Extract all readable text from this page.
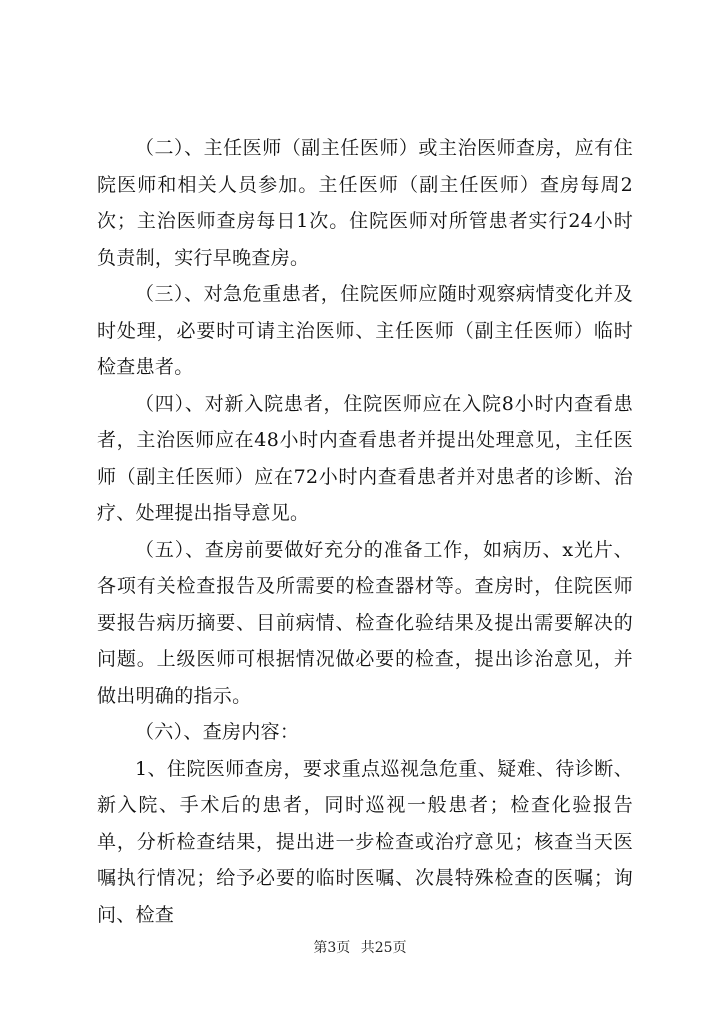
（二）、主任医师（副主任医师）或主治医师查房，应有住院医师和相关人员参加。主任医师（副主任医师）查房每周2次；主治医师查房每日1次。住院医师对所管患者实行24小时负责制，实行早晚查房。

（三）、对急危重患者，住院医师应随时观察病情变化并及时处理，必要时可请主治医师、主任医师（副主任医师）临时检查患者。

（四）、对新入院患者，住院医师应在入院8小时内查看患者，主治医师应在48小时内查看患者并提出处理意见，主任医师（副主任医师）应在72小时内查看患者并对患者的诊断、治疗、处理提出指导意见。

（五）、查房前要做好充分的准备工作，如病历、x光片、各项有关检查报告及所需要的检查器材等。查房时，住院医师要报告病历摘要、目前病情、检查化验结果及提出需要解决的问题。上级医师可根据情况做必要的检查，提出诊治意见，并做出明确的指示。

（六）、查房内容：

1、住院医师查房，要求重点巡视急危重、疑难、待诊断、新入院、手术后的患者，同时巡视一般患者；检查化验报告单，分析检查结果，提出进一步检查或治疗意见；核查当天医嘱执行情况；给予必要的临时医嘱、次晨特殊检查的医嘱；询问、检查

第3页 共25页
